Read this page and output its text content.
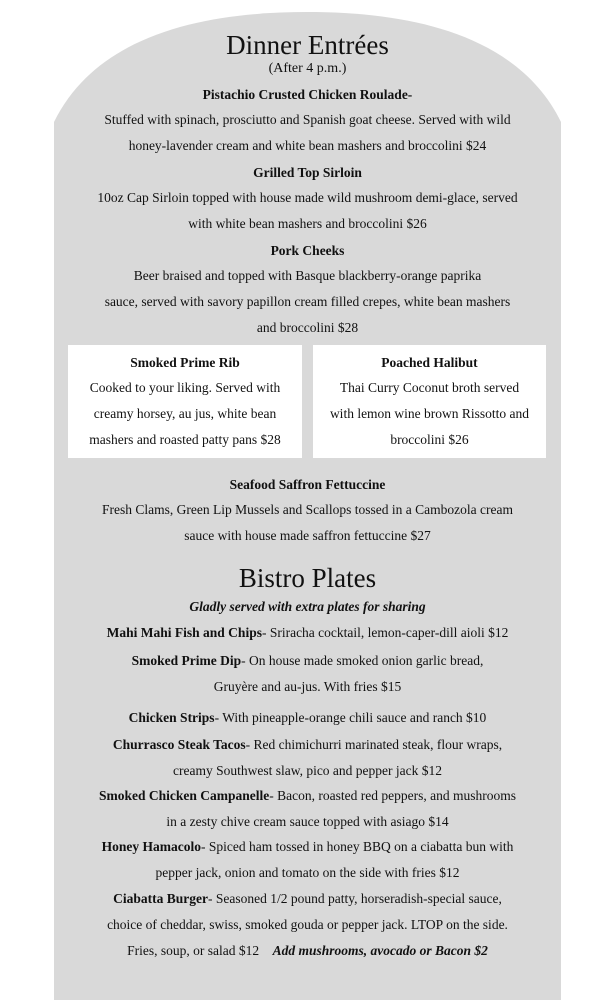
Dinner Entrées
(After 4 p.m.)
Pistachio Crusted Chicken Roulade-
Stuffed with spinach, prosciutto and Spanish goat cheese. Served with wild
honey-lavender cream and white bean mashers and broccolini $24
Grilled Top Sirloin
10oz Cap Sirloin topped with house made wild mushroom demi-glace, served
with white bean mashers and broccolini $26
Pork Cheeks
Beer braised and topped with Basque blackberry-orange paprika
sauce, served with savory papillon cream filled crepes, white bean mashers
and broccolini $28
Smoked Prime Rib
Cooked to your liking. Served with
creamy horsey, au jus, white bean
mashers and roasted patty pans $28
Poached Halibut
Thai Curry Coconut broth served
with lemon wine brown Rissotto and
broccolini $26
Seafood Saffron Fettuccine
Fresh Clams, Green Lip Mussels and Scallops tossed in a Cambozola cream
sauce with house made saffron fettuccine $27
Bistro Plates
Gladly served with extra plates for sharing
Mahi Mahi Fish and Chips- Sriracha cocktail, lemon-caper-dill aioli $12
Smoked Prime Dip- On house made smoked onion garlic bread,
Gruyère and au-jus. With fries $15
Chicken Strips- With pineapple-orange chili sauce and ranch $10
Churrasco Steak Tacos- Red chimichurri marinated steak, flour wraps,
creamy Southwest slaw, pico and pepper jack $12
Smoked Chicken Campanelle- Bacon, roasted red peppers, and mushrooms
in a zesty chive cream sauce topped with asiago $14
Honey Hamacolo- Spiced ham tossed in honey BBQ on a ciabatta bun with
pepper jack, onion and tomato on the side with fries $12
Ciabatta Burger- Seasoned 1/2 pound patty, horseradish-special sauce,
choice of cheddar, swiss, smoked gouda or pepper jack. LTOP on the side.
Fries, soup, or salad $12 Add mushrooms, avocado or Bacon $2
